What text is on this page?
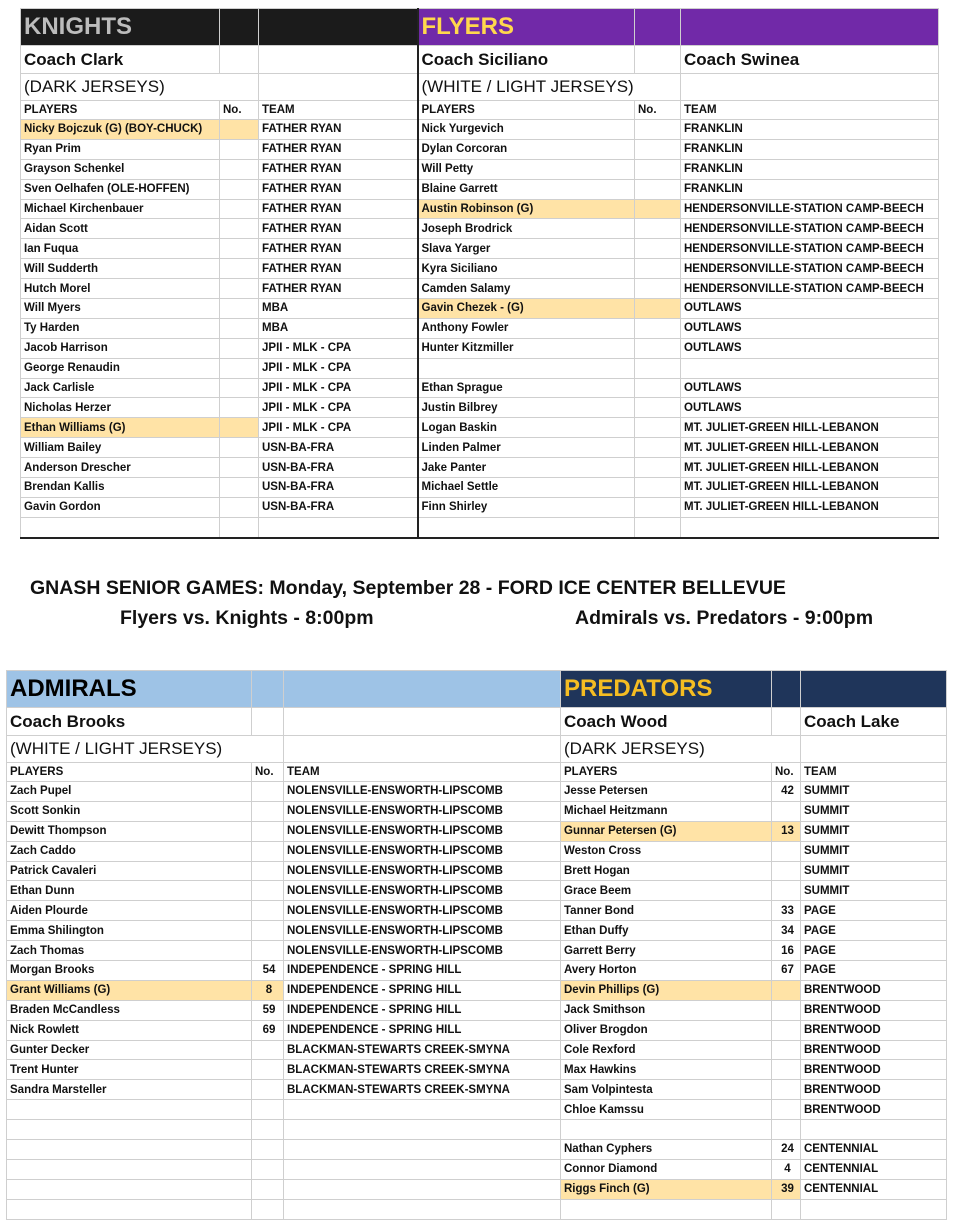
KNIGHTS			FLYERS		
Coach Clark			Coach Siciliano		Coach Swinea
(DARK JERSEYS)			(WHITE / LIGHT JERSEYS)		
PLAYERS	No.	TEAM	PLAYERS	No.	TEAM
Nicky Bojczuk (G) (BOY-CHUCK)		FATHER RYAN	Nick Yurgevich		FRANKLIN
Ryan Prim		FATHER RYAN	Dylan Corcoran		FRANKLIN
Grayson Schenkel		FATHER RYAN	Will Petty		FRANKLIN
Sven Oelhafen (OLE-HOFFEN)		FATHER RYAN	Blaine Garrett		FRANKLIN
Michael Kirchenbauer		FATHER RYAN	Austin Robinson (G)		HENDERSONVILLE-STATION CAMP-BEECH
Aidan Scott		FATHER RYAN	Joseph Brodrick		HENDERSONVILLE-STATION CAMP-BEECH
Ian Fuqua		FATHER RYAN	Slava Yarger		HENDERSONVILLE-STATION CAMP-BEECH
Will Sudderth		FATHER RYAN	Kyra Siciliano		HENDERSONVILLE-STATION CAMP-BEECH
Hutch Morel		FATHER RYAN	Camden Salamy		HENDERSONVILLE-STATION CAMP-BEECH
Will Myers		MBA	Gavin Chezek - (G)		OUTLAWS
Ty Harden		MBA	Anthony Fowler		OUTLAWS
Jacob Harrison		JPII - MLK - CPA	Hunter Kitzmiller		OUTLAWS
George Renaudin		JPII - MLK - CPA			
Jack Carlisle		JPII - MLK - CPA	Ethan Sprague		OUTLAWS
Nicholas Herzer		JPII - MLK - CPA	Justin Bilbrey		OUTLAWS
Ethan Williams (G)		JPII - MLK - CPA	Logan Baskin		MT. JULIET-GREEN HILL-LEBANON
William Bailey		USN-BA-FRA	Linden Palmer		MT. JULIET-GREEN HILL-LEBANON
Anderson Drescher		USN-BA-FRA	Jake Panter		MT. JULIET-GREEN HILL-LEBANON
Brendan Kallis		USN-BA-FRA	Michael Settle		MT. JULIET-GREEN HILL-LEBANON
Gavin Gordon		USN-BA-FRA	Finn Shirley		MT. JULIET-GREEN HILL-LEBANON

GNASH SENIOR GAMES: Monday, September 28 - FORD ICE CENTER BELLEVUE
Flyers vs. Knights - 8:00pm	Admirals vs. Predators - 9:00pm
ADMIRALS			PREDATORS		
Coach Brooks			Coach Wood		Coach Lake
(WHITE / LIGHT JERSEYS)			(DARK JERSEYS)		
PLAYERS	No.	TEAM	PLAYERS	No.	TEAM
Zach Pupel		NOLENSVILLE-ENSWORTH-LIPSCOMB	Jesse Petersen	42	SUMMIT
Scott Sonkin		NOLENSVILLE-ENSWORTH-LIPSCOMB	Michael Heitzmann		SUMMIT
Dewitt Thompson		NOLENSVILLE-ENSWORTH-LIPSCOMB	Gunnar Petersen (G)	13	SUMMIT
Zach Caddo		NOLENSVILLE-ENSWORTH-LIPSCOMB	Weston Cross		SUMMIT
Patrick Cavaleri		NOLENSVILLE-ENSWORTH-LIPSCOMB	Brett Hogan		SUMMIT
Ethan Dunn		NOLENSVILLE-ENSWORTH-LIPSCOMB	Grace Beem		SUMMIT
Aiden Plourde		NOLENSVILLE-ENSWORTH-LIPSCOMB	Tanner Bond	33	PAGE
Emma Shilington		NOLENSVILLE-ENSWORTH-LIPSCOMB	Ethan Duffy	34	PAGE
Zach Thomas		NOLENSVILLE-ENSWORTH-LIPSCOMB	Garrett Berry	16	PAGE
Morgan Brooks	54	INDEPENDENCE - SPRING HILL	Avery Horton	67	PAGE
Grant Williams (G)	8	INDEPENDENCE - SPRING HILL	Devin Phillips (G)		BRENTWOOD
Braden McCandless	59	INDEPENDENCE - SPRING HILL	Jack Smithson		BRENTWOOD
Nick Rowlett	69	INDEPENDENCE - SPRING HILL	Oliver Brogdon		BRENTWOOD
Gunter Decker		BLACKMAN-STEWARTS CREEK-SMYNA	Cole Rexford		BRENTWOOD
Trent Hunter		BLACKMAN-STEWARTS CREEK-SMYNA	Max Hawkins		BRENTWOOD
Sandra Marsteller		BLACKMAN-STEWARTS CREEK-SMYNA	Sam Volpintesta		BRENTWOOD
			Chloe Kamssu		BRENTWOOD

			Nathan Cyphers	24	CENTENNIAL
			Connor Diamond	4	CENTENNIAL
			Riggs Finch (G)	39	CENTENNIAL
